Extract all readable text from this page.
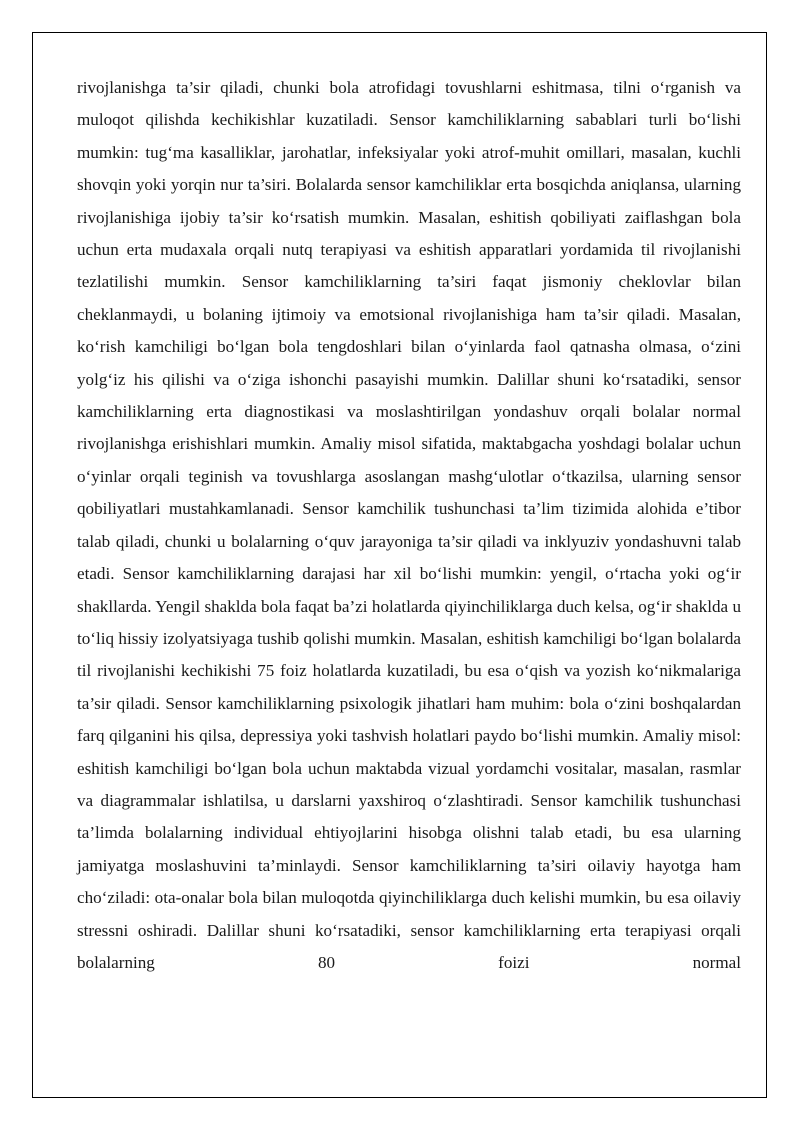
rivojlanishga ta’sir qiladi, chunki bola atrofidagi tovushlarni eshitmasa, tilni o‘rganish va muloqot qilishda kechikishlar kuzatiladi. Sensor kamchiliklarning sabablari turli bo‘lishi mumkin: tug‘ma kasalliklar, jarohatlar, infeksiyalar yoki atrof-muhit omillari, masalan, kuchli shovqin yoki yorqin nur ta’siri. Bolalarda sensor kamchiliklar erta bosqichda aniqlansa, ularning rivojlanishiga ijobiy ta’sir ko‘rsatish mumkin. Masalan, eshitish qobiliyati zaiflashgan bola uchun erta mudaxala orqali nutq terapiyasi va eshitish apparatlari yordamida til rivojlanishi tezlatilishi mumkin. Sensor kamchiliklarning ta’siri faqat jismoniy cheklovlar bilan cheklanmaydi, u bolaning ijtimoiy va emotsional rivojlanishiga ham ta’sir qiladi. Masalan, ko‘rish kamchiligi bo‘lgan bola tengdoshlari bilan o‘yinlarda faol qatnasha olmasa, o‘zini yolg‘iz his qilishi va o‘ziga ishonchi pasayishi mumkin. Dalillar shuni ko‘rsatadiki, sensor kamchiliklarning erta diagnostikasi va moslashtirilgan yondashuv orqali bolalar normal rivojlanishga erishishlari mumkin. Amaliy misol sifatida, maktabgacha yoshdagi bolalar uchun o‘yinlar orqali teginish va tovushlarga asoslangan mashg‘ulotlar o‘tkazilsa, ularning sensor qobiliyatlari mustahkamlanadi. Sensor kamchilik tushunchasi ta’lim tizimida alohida e’tibor talab qiladi, chunki u bolalarning o‘quv jarayoniga ta’sir qiladi va inklyuziv yondashuvni talab etadi. Sensor kamchiliklarning darajasi har xil bo‘lishi mumkin: yengil, o‘rtacha yoki og‘ir shakllarda. Yengil shaklda bola faqat ba’zi holatlarda qiyinchiliklarga duch kelsa, og‘ir shaklda u to‘liq hissiy izolyatsiyaga tushib qolishi mumkin. Masalan, eshitish kamchiligi bo‘lgan bolalarda til rivojlanishi kechikishi 75 foiz holatlarda kuzatiladi, bu esa o‘qish va yozish ko‘nikmalariga ta’sir qiladi. Sensor kamchiliklarning psixologik jihatlari ham muhim: bola o‘zini boshqalardan farq qilganini his qilsa, depressiya yoki tashvish holatlari paydo bo‘lishi mumkin. Amaliy misol: eshitish kamchiligi bo‘lgan bola uchun maktabda vizual yordamchi vositalar, masalan, rasmlar va diagrammalar ishlatilsa, u darslarni yaxshiroq o‘zlashtiradi. Sensor kamchilik tushunchasi ta’limda bolalarning individual ehtiyojlarini hisobga olishni talab etadi, bu esa ularning jamiyatga moslashuvini ta’minlaydi. Sensor kamchiliklarning ta’siri oilaviy hayotga ham cho‘ziladi: ota-onalar bola bilan muloqotda qiyinchiliklarga duch kelishi mumkin, bu esa oilaviy stressni oshiradi. Dalillar shuni ko‘rsatadiki, sensor kamchiliklarning erta terapiyasi orqali bolalarning 80 foizi normal
